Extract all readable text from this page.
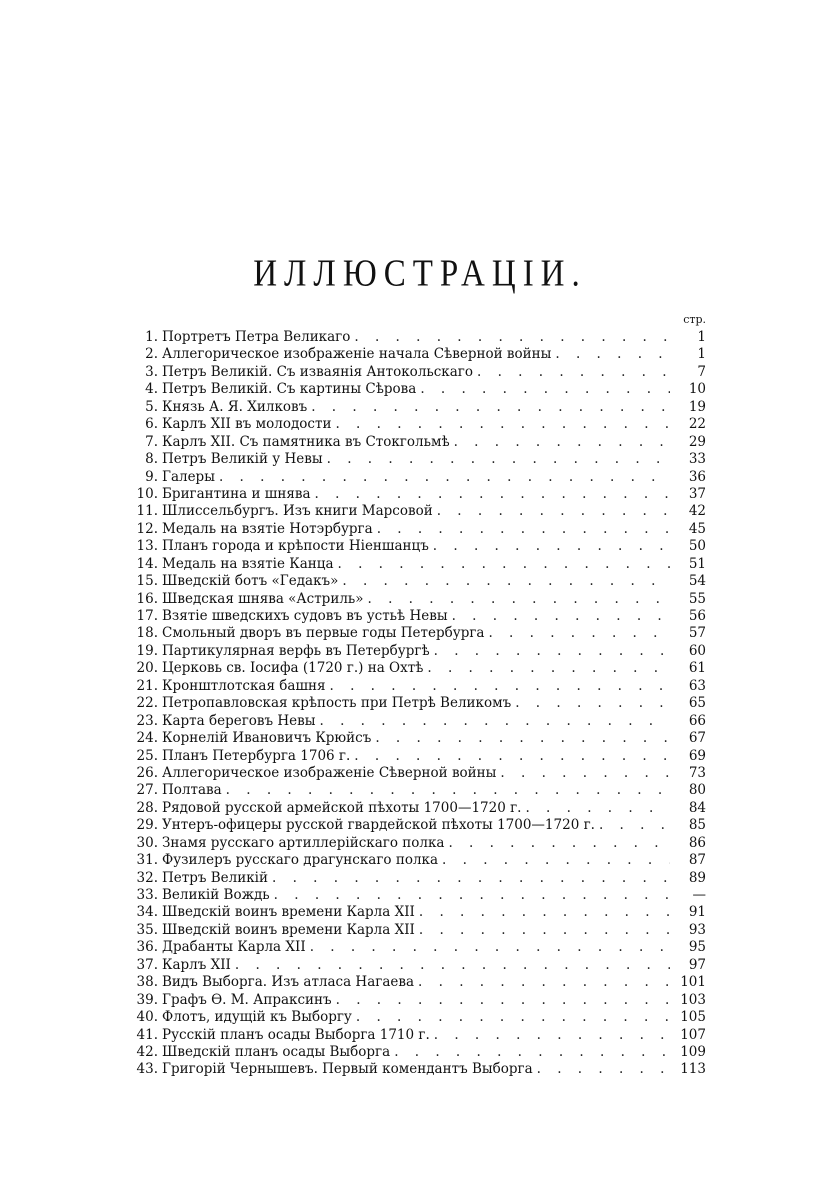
ИЛЛЮСТРАЦIИ.
стр.
1. Портретъ Петра Великаго . . .	1
2. Аллегорическое изображенiе начала Сѣверной войны . . .	1
3. Петръ Великiй. Съ изваянiя Антокольскаго . . .	7
4. Петръ Великiй. Съ картины Сѣрова . . .	10
5. Князь А. Я. Хилковъ . . .	19
6. Карлъ XII въ молодости . . .	22
7. Карлъ XII. Съ памятника въ Стокгольмѣ . . .	29
8. Петръ Великiй у Невы . . .	33
9. Галеры . . .	36
10. Бригантина и шнява . . .	37
11. Шлиссельбургъ. Изъ книги Марсовой . . .	42
12. Медаль на взятiе Нотэрбурга . . .	45
13. Планъ города и крѣпости Нiеншанцъ . . .	50
14. Медаль на взятiе Канца . . .	51
15. Шведскiй ботъ «Гедакъ» . . .	54
16. Шведская шнява «Астриль» . . .	55
17. Взятiе шведскихъ судовъ въ устьѣ Невы . . .	56
18. Смольный дворъ въ первые годы Петербурга . . .	57
19. Партикулярная верфь въ Петербургѣ . . .	60
20. Церковь св. Iосифа (1720 г.) на Охтѣ . . .	61
21. Кронштлотская башня . . .	63
22. Петропавловская крѣпость при Петрѣ Великомъ . . .	65
23. Карта береговъ Невы . . .	66
24. Корнелiй Ивановичъ Крюйсъ . . .	67
25. Планъ Петербурга 1706 г. . . .	69
26. Аллегорическое изображенiе Сѣверной войны . . .	73
27. Полтава . . .	80
28. Рядовой русской армейской пѣхоты 1700—1720 г. . . .	84
29. Унтеръ-офицеры русской гвардейской пѣхоты 1700—1720 г. . . .	85
30. Знамя русскаго артиллерiйскаго полка . . .	86
31. Фузилеръ русскаго драгунскаго полка . . .	87
32. Петръ Великiй . . .	89
33. Великiй Вождь . . .	—
34. Шведскiй воинъ времени Карла XII . . .	91
35. Шведскiй воинъ времени Карла XII . . .	93
36. Драбанты Карла XII . . .	95
37. Карлъ XII . . .	97
38. Видъ Выборга. Изъ атласа Нагаева . . .	101
39. Графъ Ѳ. М. Апраксинъ . . .	103
40. Флотъ, идущiй къ Выборгу . . .	105
41. Русскiй планъ осады Выборга 1710 г. . . .	107
42. Шведскiй планъ осады Выборга . . .	109
43. Григорiй Чернышевъ. Первый комендантъ Выборга . . .	113
